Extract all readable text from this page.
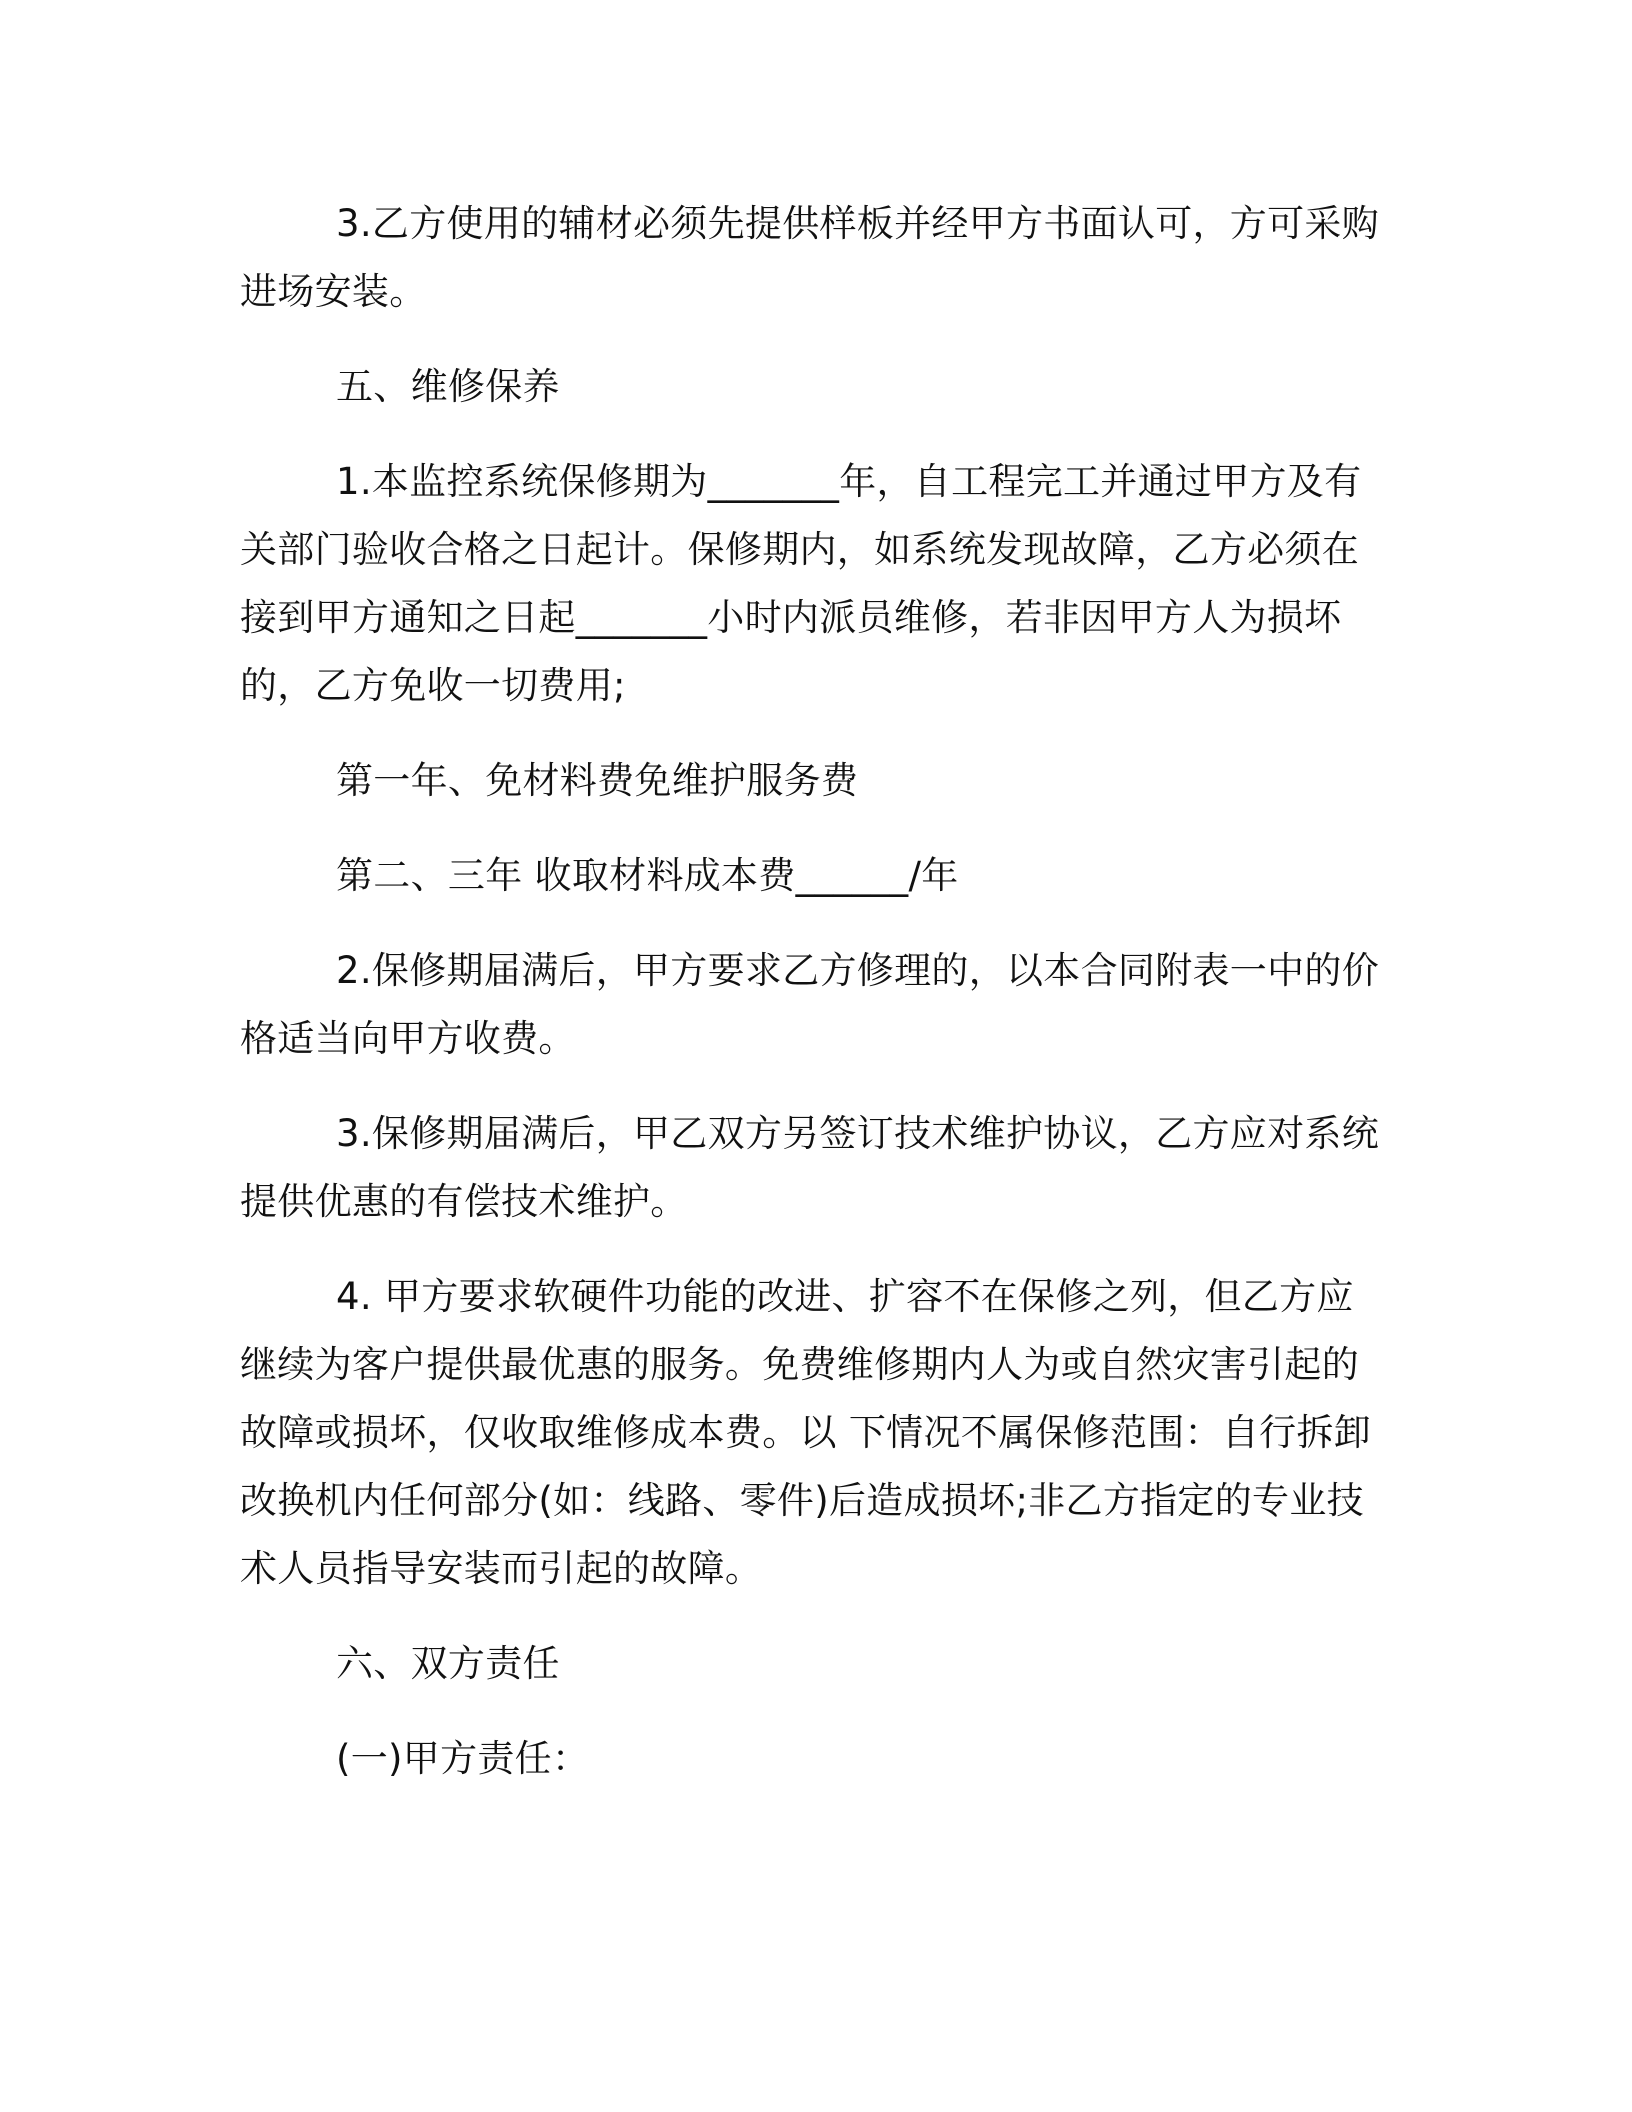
3.乙方使用的辅材必须先提供样板并经甲方书面认可，方可采购进场安装。

五、维修保养

1.本监控系统保修期为_______年，自工程完工并通过甲方及有关部门验收合格之日起计。保修期内，如系统发现故障，乙方必须在接到甲方通知之日起_______小时内派员维修，若非因甲方人为损坏的，乙方免收一切费用;

第一年、免材料费免维护服务费

第二、三年 收取材料成本费______/年

2.保修期届满后，甲方要求乙方修理的，以本合同附表一中的价格适当向甲方收费。

3.保修期届满后，甲乙双方另签订技术维护协议，乙方应对系统提供优惠的有偿技术维护。

4. 甲方要求软硬件功能的改进、扩容不在保修之列，但乙方应继续为客户提供最优惠的服务。免费维修期内人为或自然灾害引起的故障或损坏，仅收取维修成本费。以 下情况不属保修范围：自行拆卸改换机内任何部分(如：线路、零件)后造成损坏;非乙方指定的专业技术人员指导安装而引起的故障。

六、双方责任

(一)甲方责任：
